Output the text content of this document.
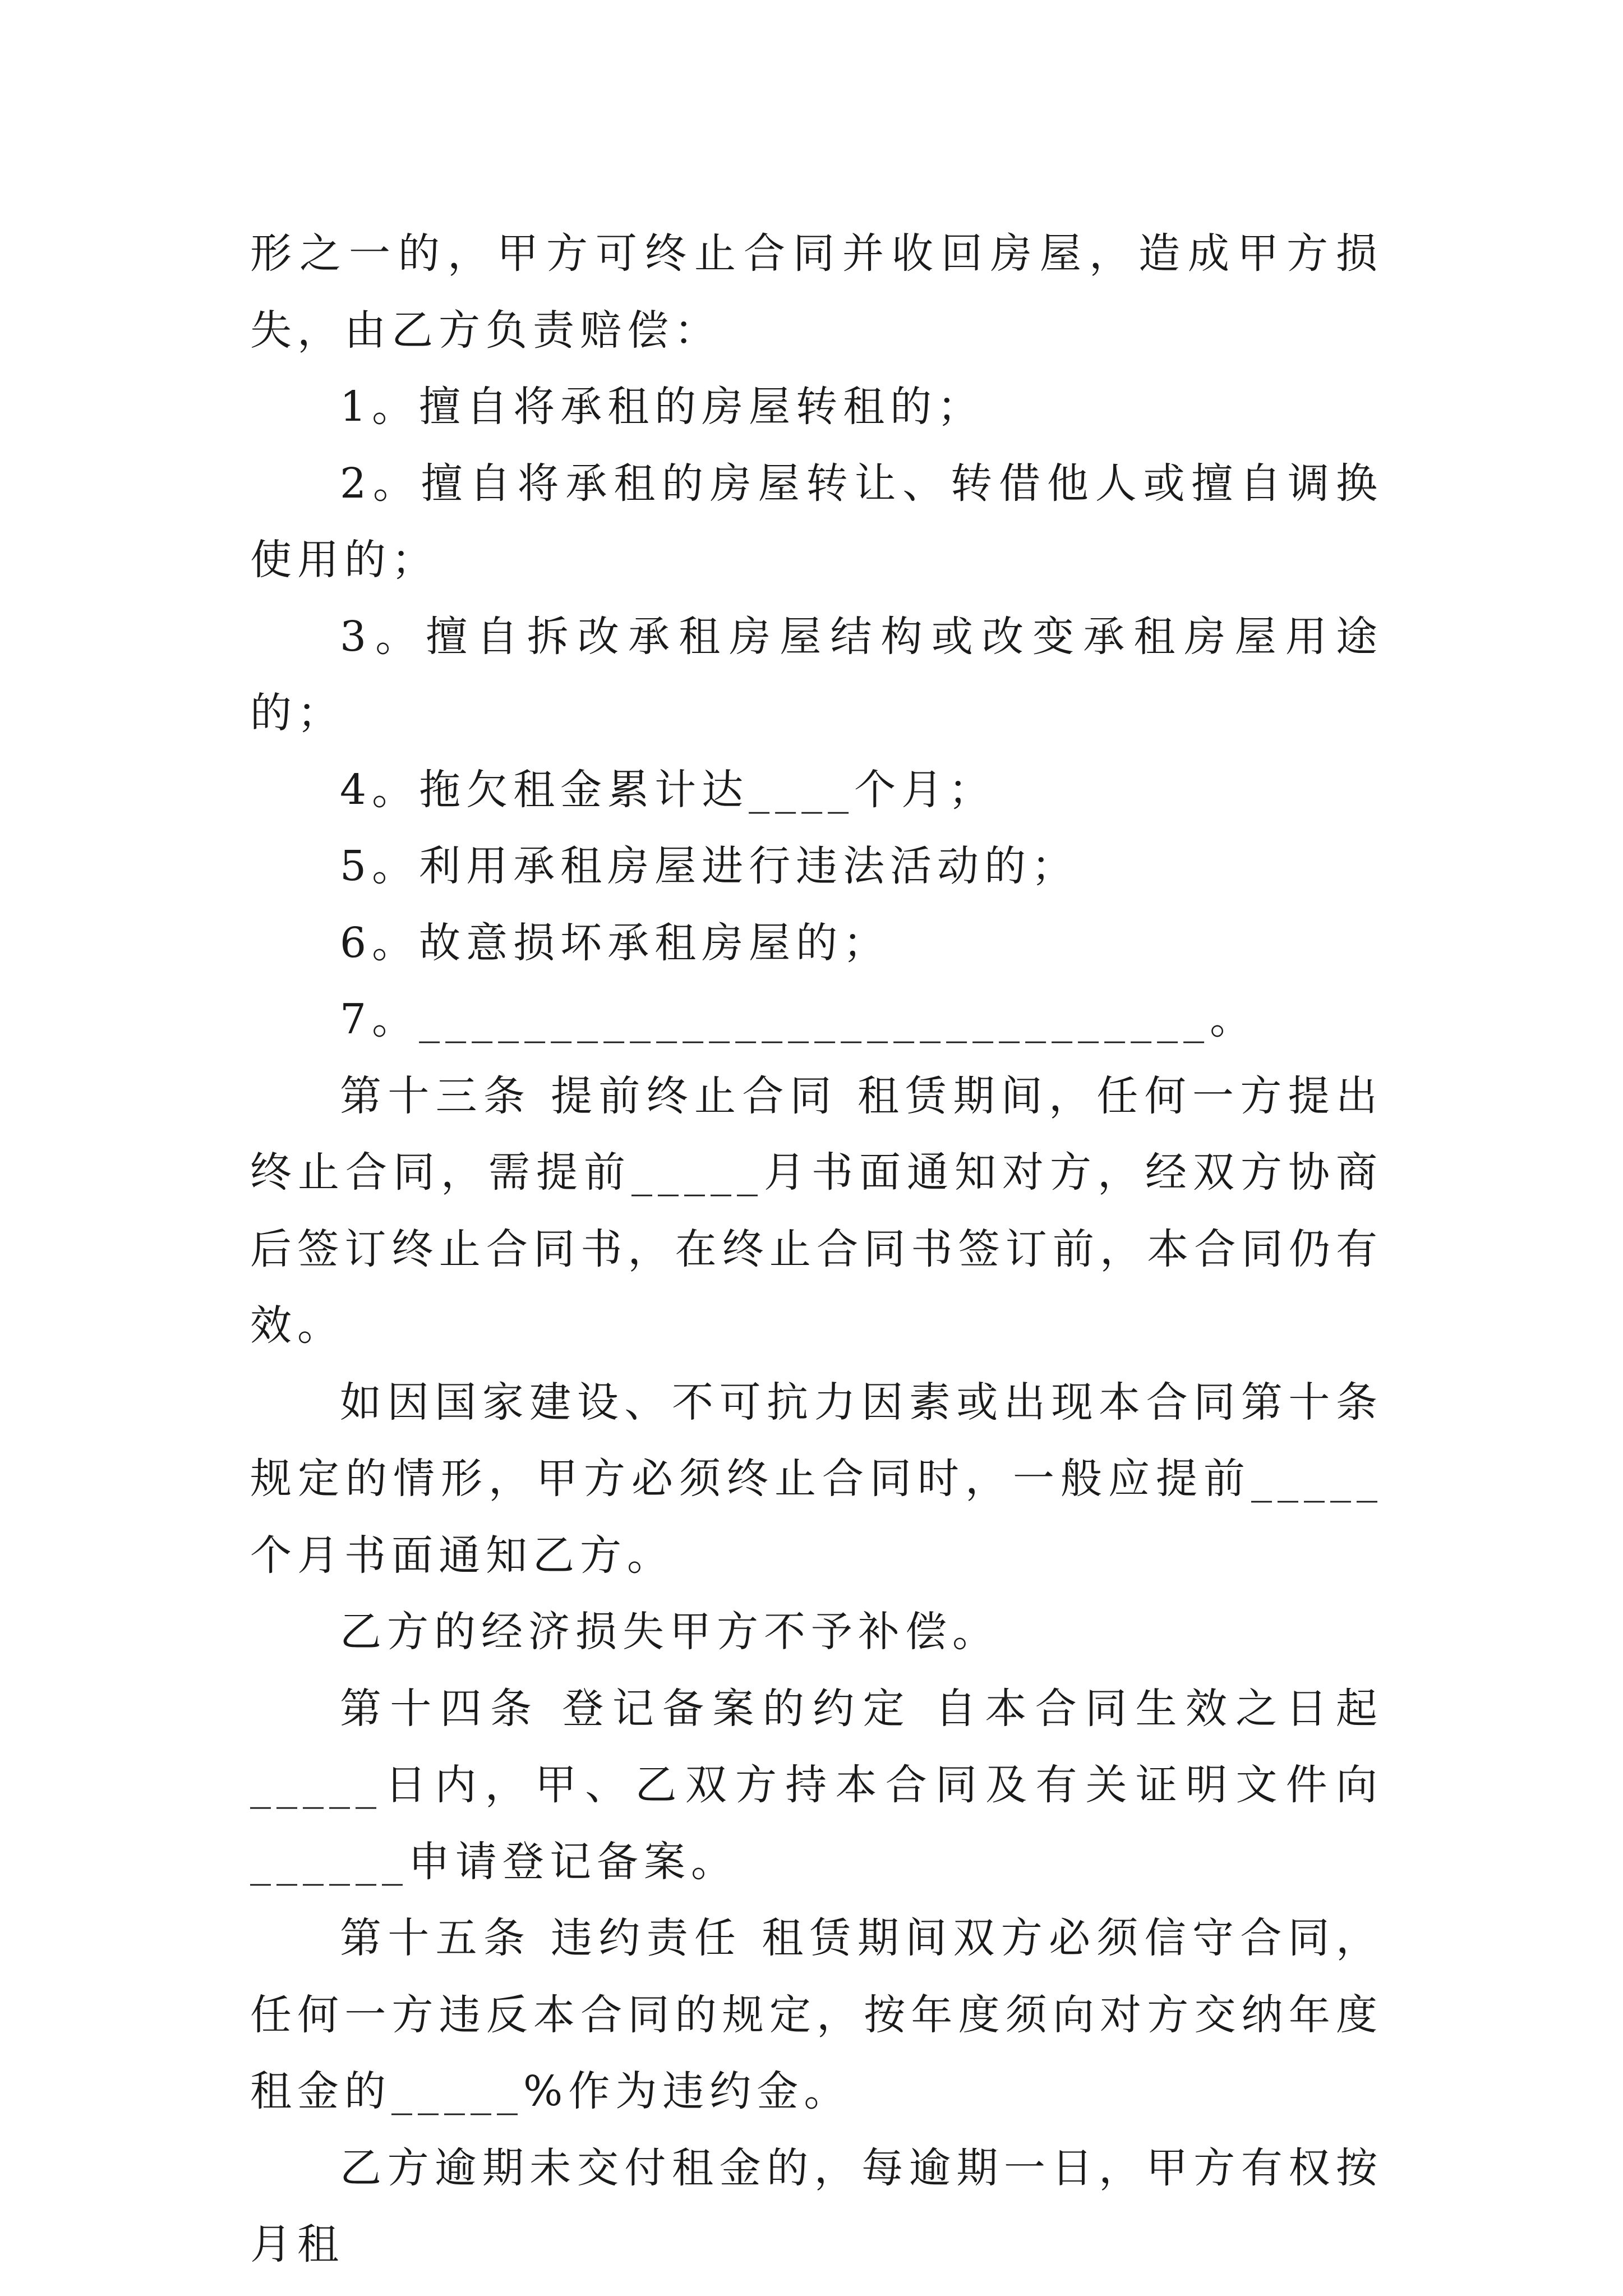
形之一的，甲方可终止合同并收回房屋，造成甲方损失，由乙方负责赔偿：

1。擅自将承租的房屋转租的；

2。擅自将承租的房屋转让、转借他人或擅自调换使用的；

3。擅自拆改承租房屋结构或改变承租房屋用途的；

4。拖欠租金累计达____个月；

5。利用承租房屋进行违法活动的；

6。故意损坏承租房屋的；

7。______________________________。

第十三条 提前终止合同 租赁期间，任何一方提出终止合同，需提前_____月书面通知对方，经双方协商后签订终止合同书，在终止合同书签订前，本合同仍有效。

如因国家建设、不可抗力因素或出现本合同第十条规定的情形，甲方必须终止合同时，一般应提前_____个月书面通知乙方。

乙方的经济损失甲方不予补偿。

第十四条 登记备案的约定 自本合同生效之日起_____日内，甲、乙双方持本合同及有关证明文件向______申请登记备案。

第十五条 违约责任 租赁期间双方必须信守合同，任何一方违反本合同的规定，按年度须向对方交纳年度租金的_____%作为违约金。

乙方逾期未交付租金的，每逾期一日，甲方有权按月租
